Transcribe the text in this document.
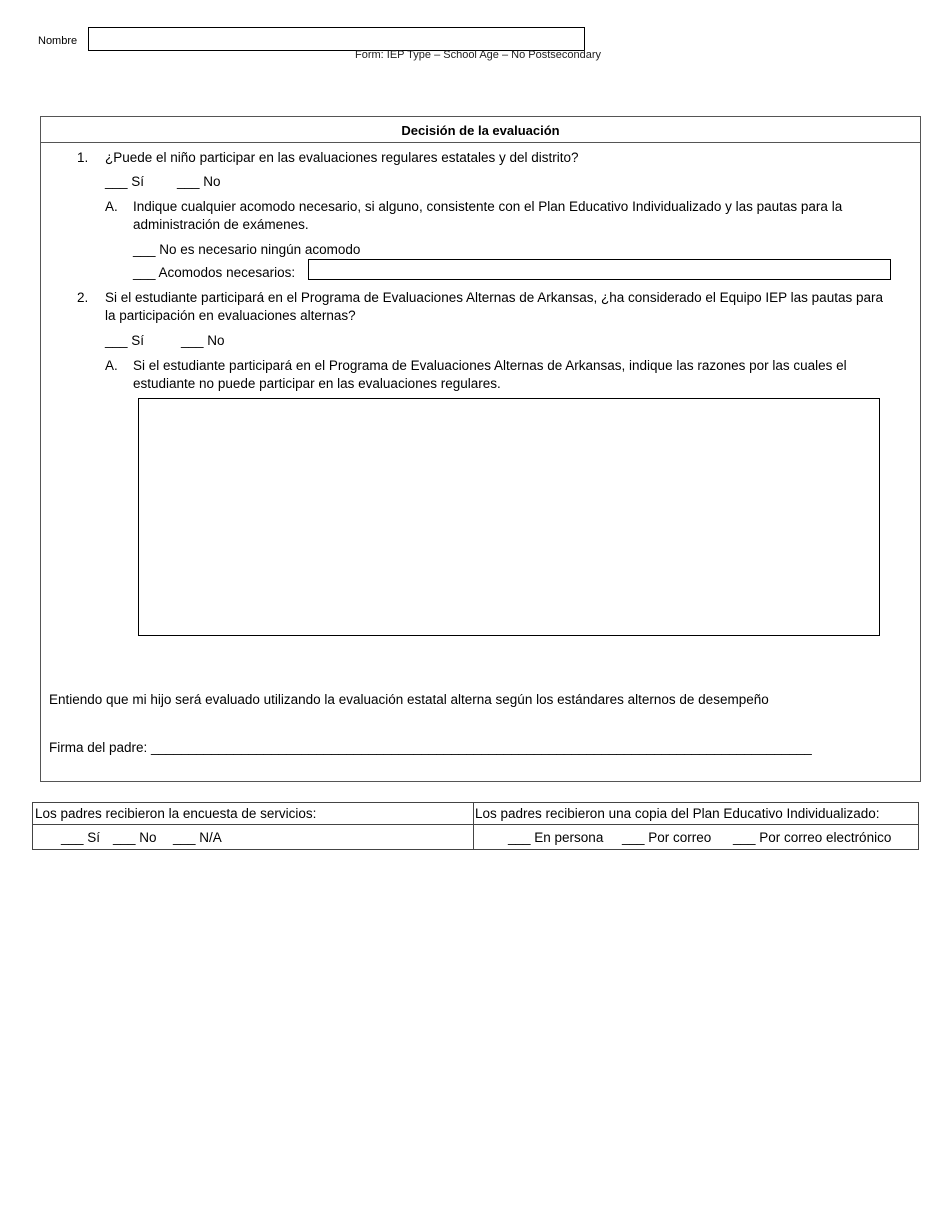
Nombre
Form: IEP Type – School Age – No Postsecondary
Decisión de la evaluación
1. ¿Puede el niño participar en las evaluaciones regulares estatales y del distrito?
___ Sí ___ No
A. Indique cualquier acomodo necesario, si alguno, consistente con el Plan Educativo Individualizado y las pautas para la
administración de exámenes.
___ No es necesario ningún acomodo
___ Acomodos necesarios:
2. Si el estudiante participará en el Programa de Evaluaciones Alternas de Arkansas, ¿ha considerado el Equipo IEP las pautas para
la participación en evaluaciones alternas?
___ Sí	___ No
A. Si el estudiante participará en el Programa de Evaluaciones Alternas de Arkansas, indique las razones por las cuales el
estudiante no puede participar en las evaluaciones regulares.
Entiendo que mi hijo será evaluado utilizando la evaluación estatal alterna según los estándares alternos de desempeño
Firma del padre: ________________________________________________________________________________________
Los padres recibieron la encuesta de servicios:
___ Sí ___ No ___ N/A
Los padres recibieron una copia del Plan Educativo Individualizado:
___ En persona ___ Por correo ___ Por correo electrónico
